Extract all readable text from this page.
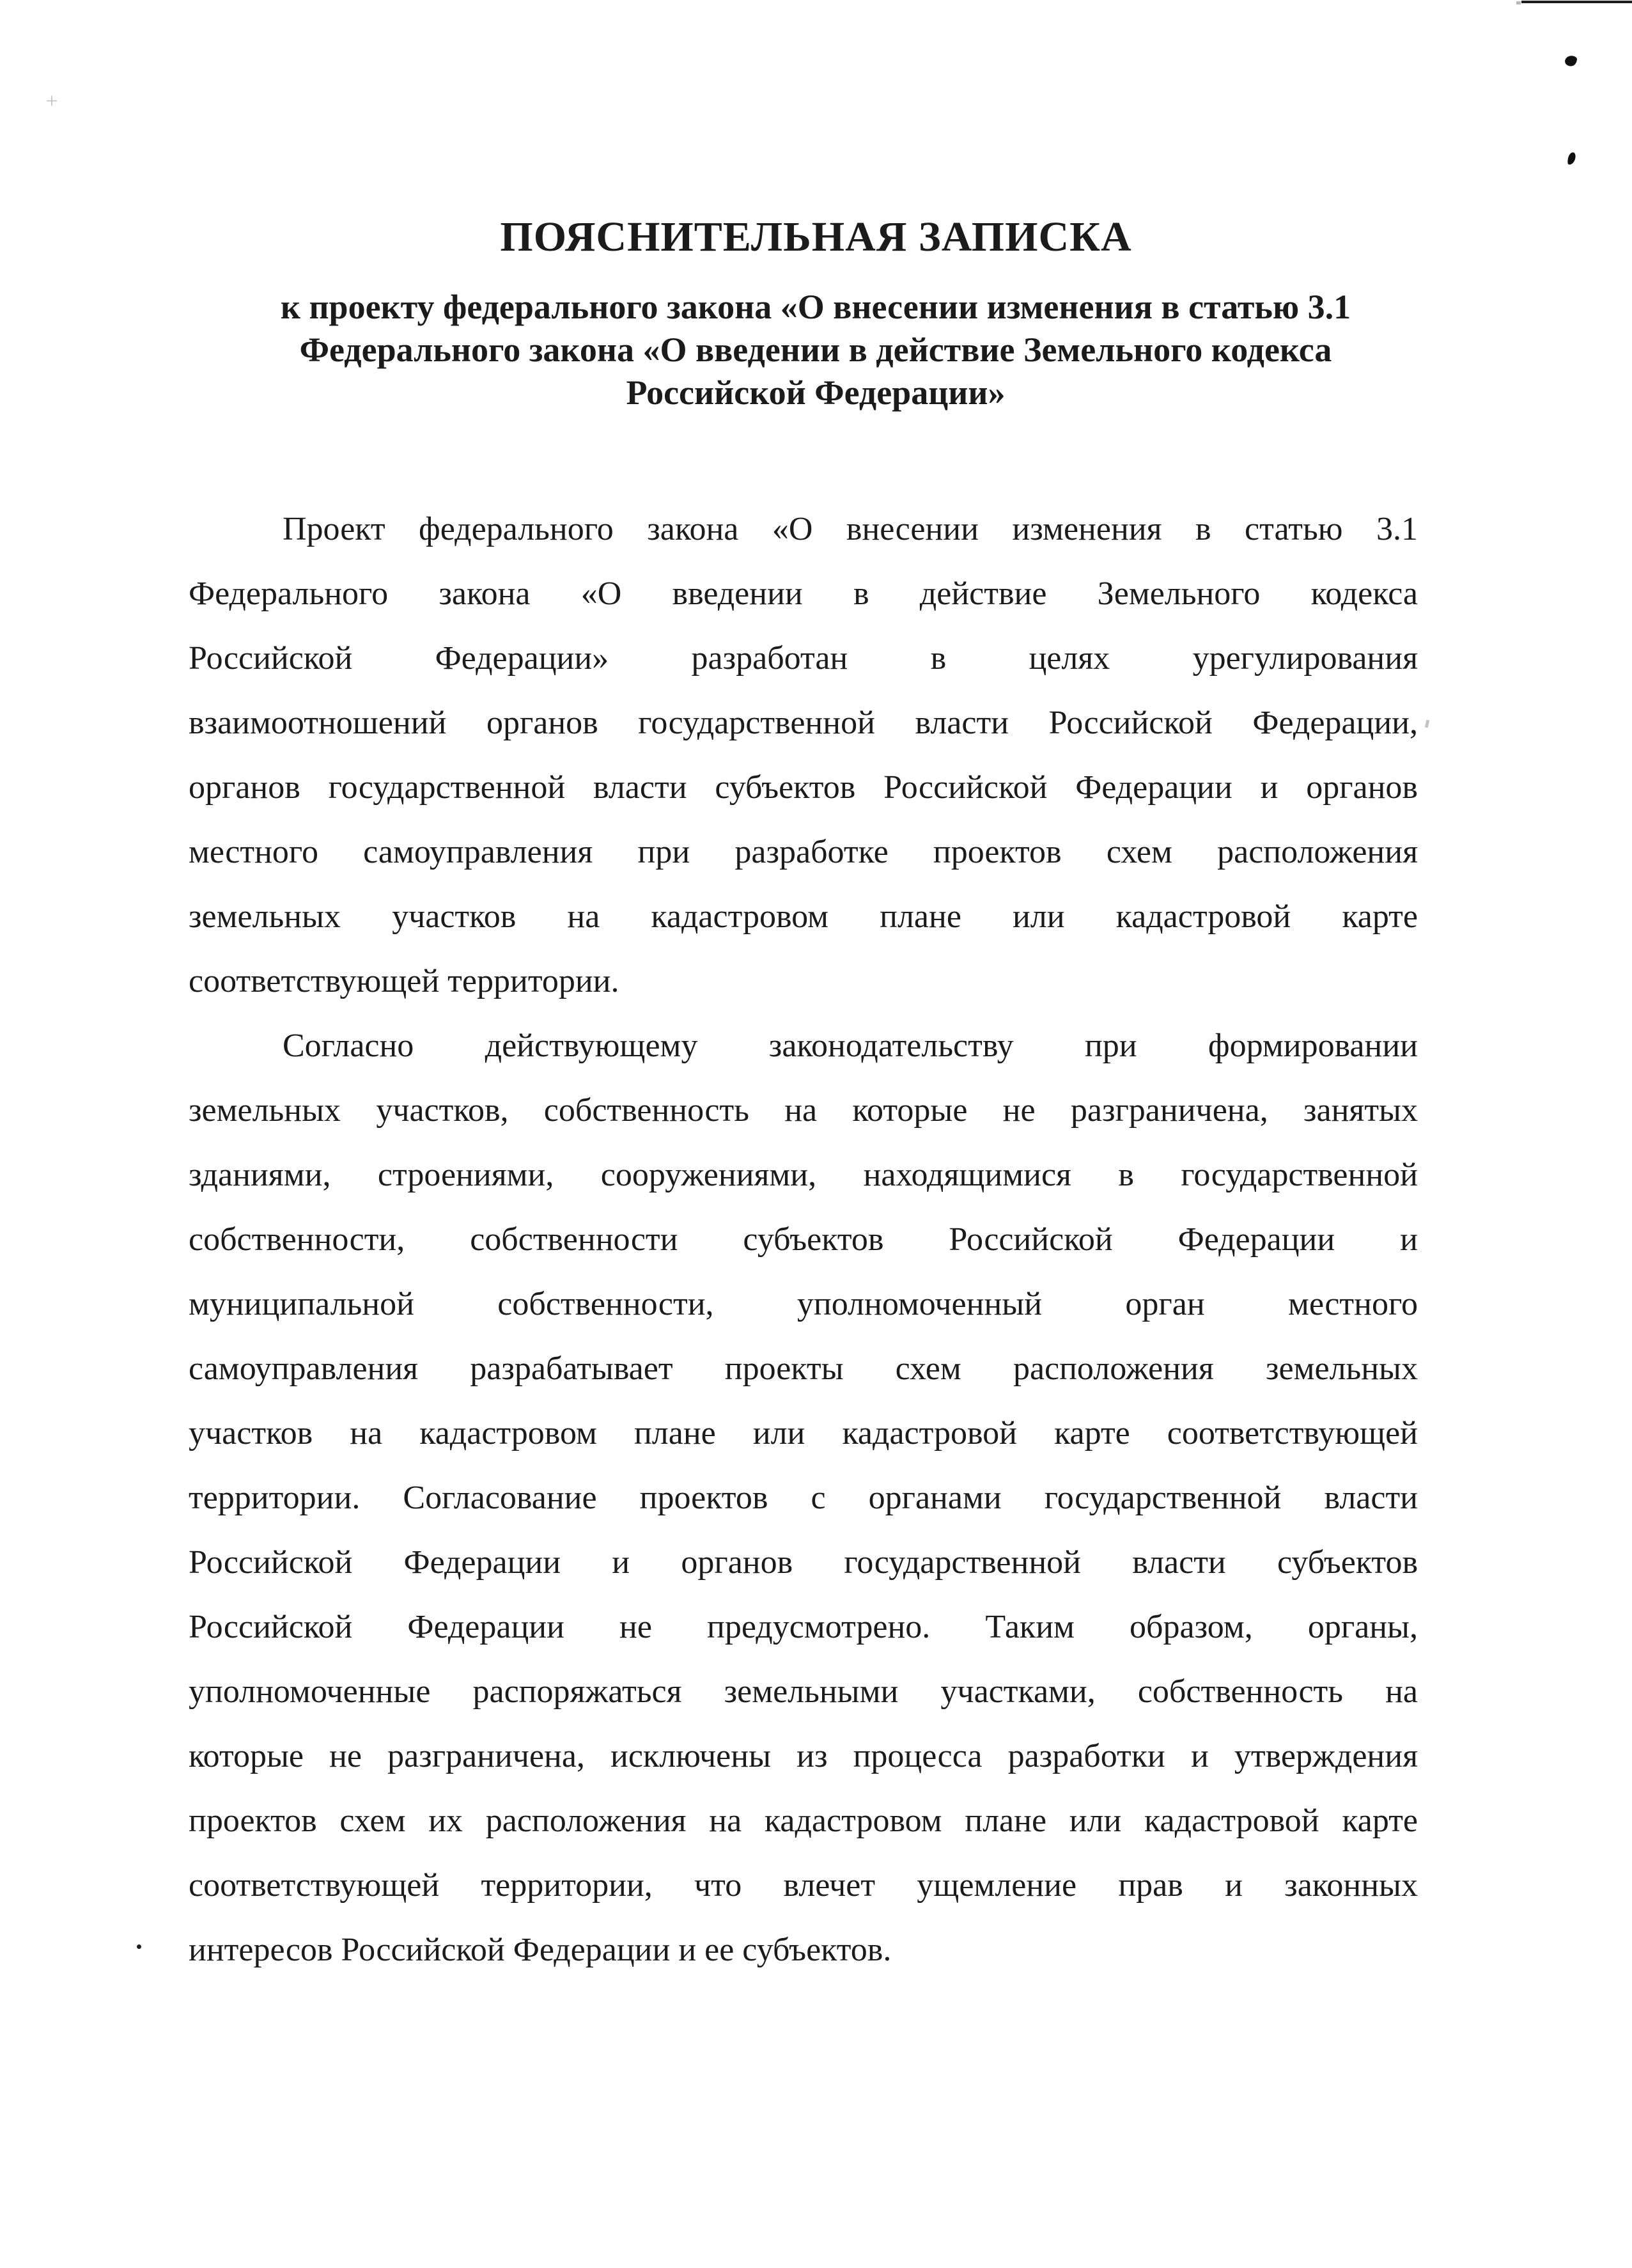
ПОЯСНИТЕЛЬНАЯ ЗАПИСКА
к проекту федерального закона «О внесении изменения в статью 3.1
Федерального закона «О введении в действие Земельного кодекса
Российской Федерации»
Проект федерального закона «О внесении изменения в статью 3.1
Федерального закона «О введении в действие Земельного кодекса
Российской Федерации» разработан в целях урегулирования
взаимоотношений органов государственной власти Российской Федерации,
органов государственной власти субъектов Российской Федерации и органов
местного самоуправления при разработке проектов схем расположения
земельных участков на кадастровом плане или кадастровой карте
соответствующей территории.
Согласно действующему законодательству при формировании
земельных участков, собственность на которые не разграничена, занятых
зданиями, строениями, сооружениями, находящимися в государственной
собственности, собственности субъектов Российской Федерации и
муниципальной собственности, уполномоченный орган местного
самоуправления разрабатывает проекты схем расположения земельных
участков на кадастровом плане или кадастровой карте соответствующей
территории. Согласование проектов с органами государственной власти
Российской Федерации и органов государственной власти субъектов
Российской Федерации не предусмотрено. Таким образом, органы,
уполномоченные распоряжаться земельными участками, собственность на
которые не разграничена, исключены из процесса разработки и утверждения
проектов схем их расположения на кадастровом плане или кадастровой карте
соответствующей территории, что влечет ущемление прав и законных
интересов Российской Федерации и ее субъектов.
+
